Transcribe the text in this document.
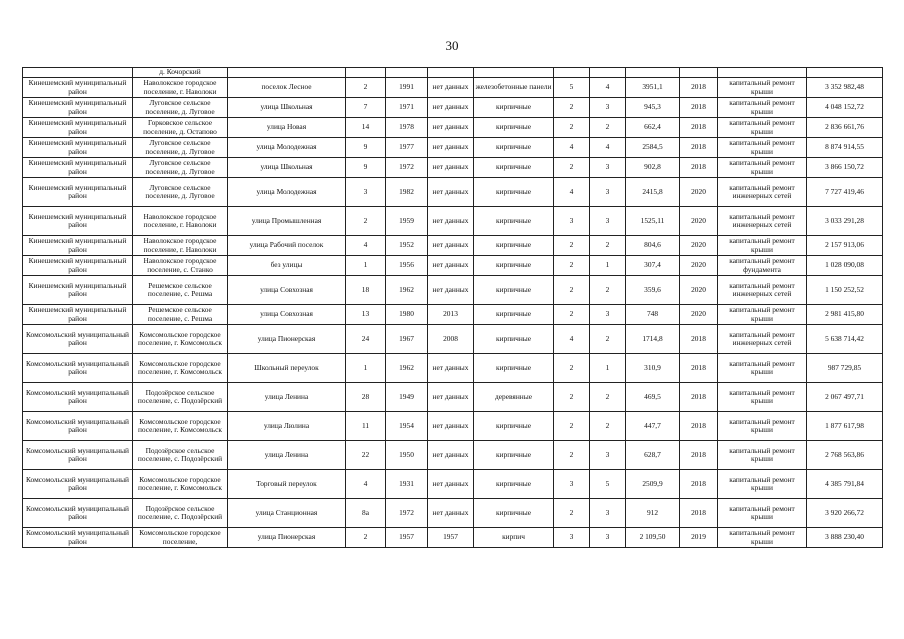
30
	д. Кочорский											
Кинешемский муниципальный район	Наволокское городское поселение, г. Наволоки	поселок Лесное	2	1991	нет данных	железобетонные панели	5	4	3951,1	2018	капитальный ремонт крыши	3 352 982,48
Кинешемский муниципальный район	Луговское сельское поселение, д. Луговое	улица Школьная	7	1971	нет данных	кирпичные	2	3	945,3	2018	капитальный ремонт крыши	4 048 152,72
Кинешемский муниципальный район	Горковское сельское поселение, д. Остапово	улица Новая	14	1978	нет данных	кирпичные	2	2	662,4	2018	капитальный ремонт крыши	2 836 661,76
Кинешемский муниципальный район	Луговское сельское поселение, д. Луговое	улица Молодежная	9	1977	нет данных	кирпичные	4	4	2584,5	2018	капитальный ремонт крыши	8 874 914,55
Кинешемский муниципальный район	Луговское сельское поселение, д. Луговое	улица Школьная	9	1972	нет данных	кирпичные	2	3	902,8	2018	капитальный ремонт крыши	3 866 150,72
Кинешемский муниципальный район	Луговское сельское поселение, д. Луговое	улица Молодежная	3	1982	нет данных	кирпичные	4	3	2415,8	2020	капитальный ремонт инженерных сетей	7 727 419,46
Кинешемский муниципальный район	Наволокское городское поселение, г. Наволоки	улица Промышленная	2	1959	нет данных	кирпичные	3	3	1525,11	2020	капитальный ремонт инженерных сетей	3 033 291,28
Кинешемский муниципальный район	Наволокское городское поселение, г. Наволоки	улица Рабочий поселок	4	1952	нет данных	кирпичные	2	2	804,6	2020	капитальный ремонт крыши	2 157 913,06
Кинешемский муниципальный район	Наволокское городское поселение, с. Станко	без улицы	1	1956	нет данных	кирпичные	2	1	307,4	2020	капитальный ремонт фундамента	1 028 090,08
Кинешемский муниципальный район	Решемское сельское поселение, с. Решма	улица Совхозная	18	1962	нет данных	кирпичные	2	2	359,6	2020	капитальный ремонт инженерных сетей	1 150 252,52
Кинешемский муниципальный район	Решемское сельское поселение, с. Решма	улица Совхозная	13	1980	2013	кирпичные	2	3	748	2020	капитальный ремонт крыши	2 981 415,80
Комсомольский муниципальный район	Комсомольское городское поселение, г. Комсомольск	улица Пионерская	24	1967	2008	кирпичные	4	2	1714,8	2018	капитальный ремонт инженерных сетей	5 638 714,42
Комсомольский муниципальный район	Комсомольское городское поселение, г. Комсомольск	Школьный переулок	1	1962	нет данных	кирпичные	2	1	310,9	2018	капитальный ремонт крыши	987 729,85
Комсомольский муниципальный район	Подозёрское сельское поселение, с. Подозёрский	улица Ленина	28	1949	нет данных	деревянные	2	2	469,5	2018	капитальный ремонт крыши	2 067 497,71
Комсомольский муниципальный район	Комсомольское городское поселение, г. Комсомольск	улица Люлина	11	1954	нет данных	кирпичные	2	2	447,7	2018	капитальный ремонт крыши	1 877 617,98
Комсомольский муниципальный район	Подозёрское сельское поселение, с. Подозёрский	улица Ленина	22	1950	нет данных	кирпичные	2	3	628,7	2018	капитальный ремонт крыши	2 768 563,86
Комсомольский муниципальный район	Комсомольское городское поселение, г. Комсомольск	Торговый переулок	4	1931	нет данных	кирпичные	3	5	2509,9	2018	капитальный ремонт крыши	4 385 791,84
Комсомольский муниципальный район	Подозёрское сельское поселение, с. Подозёрский	улица Станционная	8а	1972	нет данных	кирпичные	2	3	912	2018	капитальный ремонт крыши	3 920 266,72
Комсомольский муниципальный район	Комсомольское городское поселение,	улица Пионерская	2	1957	1957	кирпич	3	3	2 109,50	2019	капитальный ремонт крыши	3 888 230,40
